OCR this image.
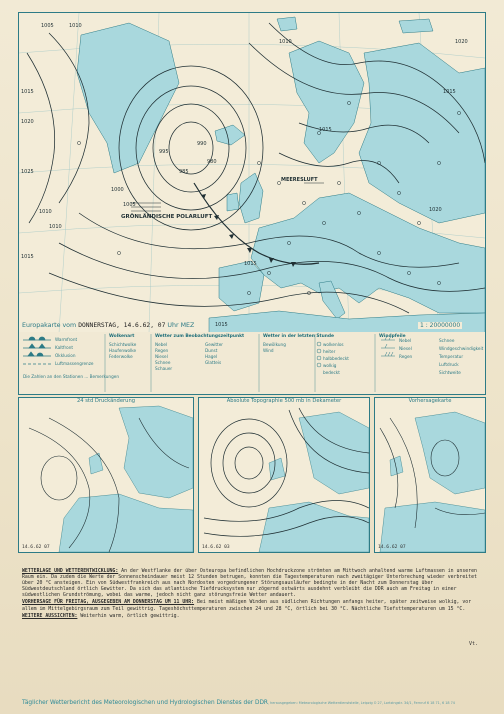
1005	1010
1015
1020
1025
1010
1015
995
990
985
980
1000
1005
1010
1015
1020
1015
1020
1010
1015
1015
GRÖNLÄNDISCHE POLARLUFT
MEERESLUFT
Europakarte vom DONNERSTAG, 14.6.62, 07 Uhr MEZ	1 : 20000000
Warmfront
Kaltfront
Okklusion
Luftmassengrenze
Wolkenart
Schichtwolke
Haufenwolke
Federwolke
Wetter zum Beobachtungszeitpunkt
Nebel
Regen
Niesel
Schnee
Schauer
Gewitter
Dunst
Hagel
Glatteis
Wetter in der letzten Stunde
Bewölkung
Wind
wolkenlos
heiter
halbbedeckt
wolkig
bedeckt
Windpfeile
Nebel
Niesel
Regen
Schnee
Windgeschwindigkeit
Temperatur
Luftdruck
Sichtweite
Die Zahlen an den Stationen ... Bemerkungen
24 std Druckänderung
14.6.62 07
Absolute Topographie 500 mb in Dekameter
14.6.62 03
Vorhersagekarte
14.6.62 07

WETTERLAGE UND WETTERENTWICKLUNG: An der Westflanke der über Osteuropa befindlichen Hochdruckzone strömten am Mittwoch anhaltend warme Luftmassen in unseren Raum ein. Da zudem die Werte der Sonnenscheindauer meist 12 Stunden betrugen, konnten die Tagestemperaturen nach zweitägiger Unterbrechung wieder verbreitet über 20 °C ansteigen. Ein von Südwestfrankreich aus nach Nordosten vorgedrungener Störungsausläufer bedingte in der Nacht zum Donnerstag über Südwestdeutschland örtlich Gewitter. Da sich das atlantische Tiefdrucksystem nur zögernd ostwärts ausdehnt verbleibt die DDR auch am Freitag in einer südwestlichen Grundströmung, wobei das warme, jedoch nicht ganz störungsfreie Wetter andauert.

VORHERSAGE FÜR FREITAG, AUSGEGEBEN AM DONNERSTAG UM 11 UHR: Bei meist mäßigen Winden aus südlichen Richtungen anfangs heiter, später zeitweise wolkig, vor allem im Mittelgebirgsraum zum Teil gewittrig. Tageshöchsttemperaturen zwischen 24 und 28 °C, örtlich bei 30 °C. Nächtliche Tiefsttemperaturen um 15 °C.

WEITERE AUSSICHTEN: Weiterhin warm, örtlich gewittrig.

Vt.
Täglicher Wetterbericht des Meteorologischen und Hydrologischen Dienstes der DDR, herausgegeben: Meteorologische Wetterdienststelle, Leipzig O 27, Lortzingstr. 34/1, Fernruf 6 18 71, 6 18 74
